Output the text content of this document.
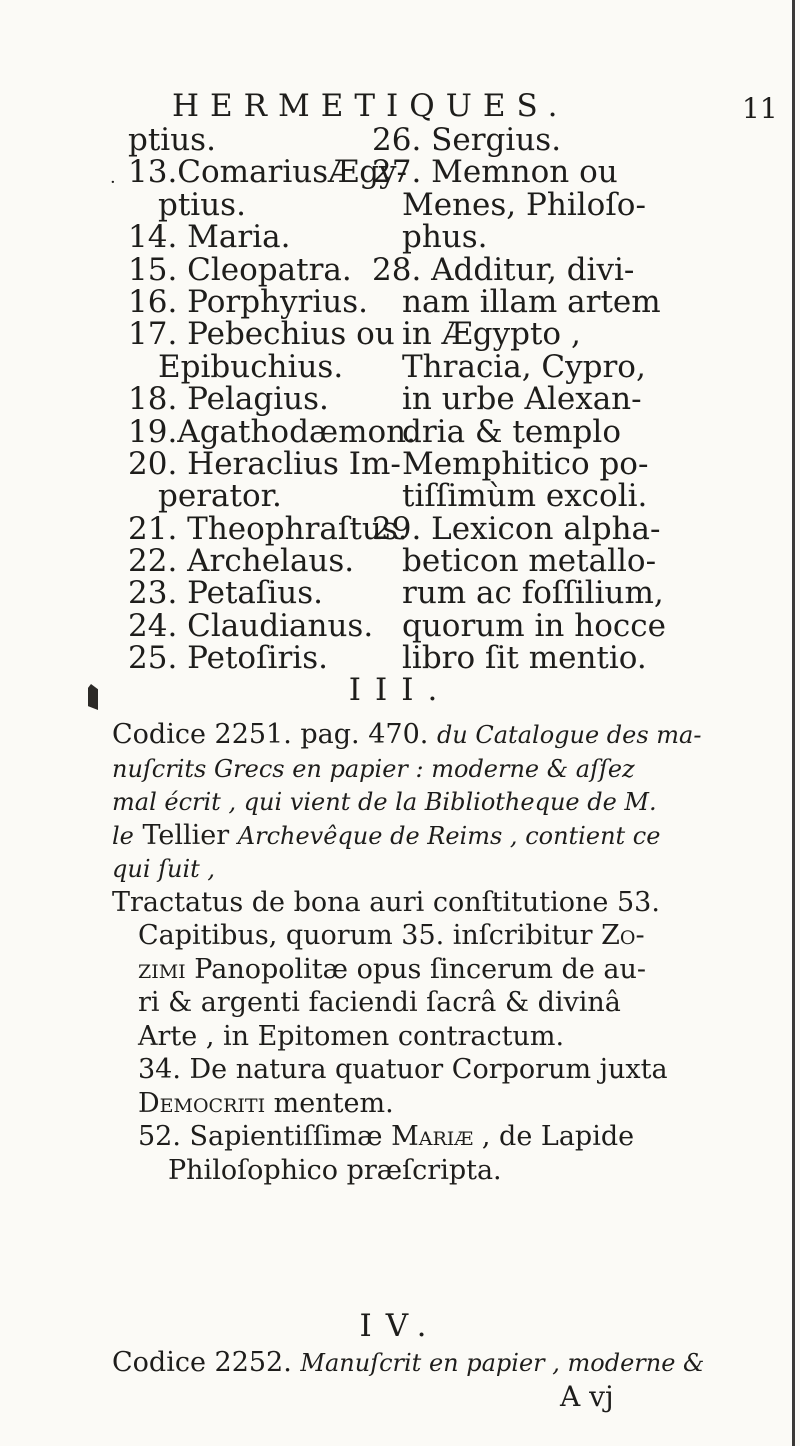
HERMETIQUES.	11
·
ptius.
13.ComariusÆgy-
ptius.
14. Maria.
15. Cleopatra.
16. Porphyrius.
17. Pebechius ou
Epibuchius.
18. Pelagius.
19.Agathodæmon.
20. Heraclius Im-
perator.
21. Theophraſtus.
22. Archelaus.
23. Petaſius.
24. Claudianus.
25. Petoſiris.
26. Sergius.
27. Memnon ou
Menes, Philoſo-
phus.
28. Additur, divi-
nam illam artem
in Ægypto ,
Thracia, Cypro,
in urbe Alexan-
dria & templo
Memphitico po-
tiſſimùm excoli.
29. Lexicon alpha-
beticon metallo-
rum ac foſſilium,
quorum in hocce
libro ſit mentio.
III.
Codice 2251. pag. 470. du Catalogue des ma-
nuſcrits Grecs en papier : moderne & aſſez
mal écrit , qui vient de la Bibliotheque de M.
le Tellier Archevêque de Reims , contient ce
qui ſuit ,
Tractatus de bona auri conſtitutione 53.
Capitibus, quorum 35. inſcribitur Zo-
zimi Panopolitæ opus ſincerum de au-
ri & argenti faciendi ſacrâ & divinâ
Arte , in Epitomen contractum.
34. De natura quatuor Corporum juxta
Democriti mentem.
52. Sapientiſſimæ Mariæ , de Lapide
Philoſophico præſcripta.
IV.
Codice 2252. Manuſcrit en papier , moderne &
A vj
